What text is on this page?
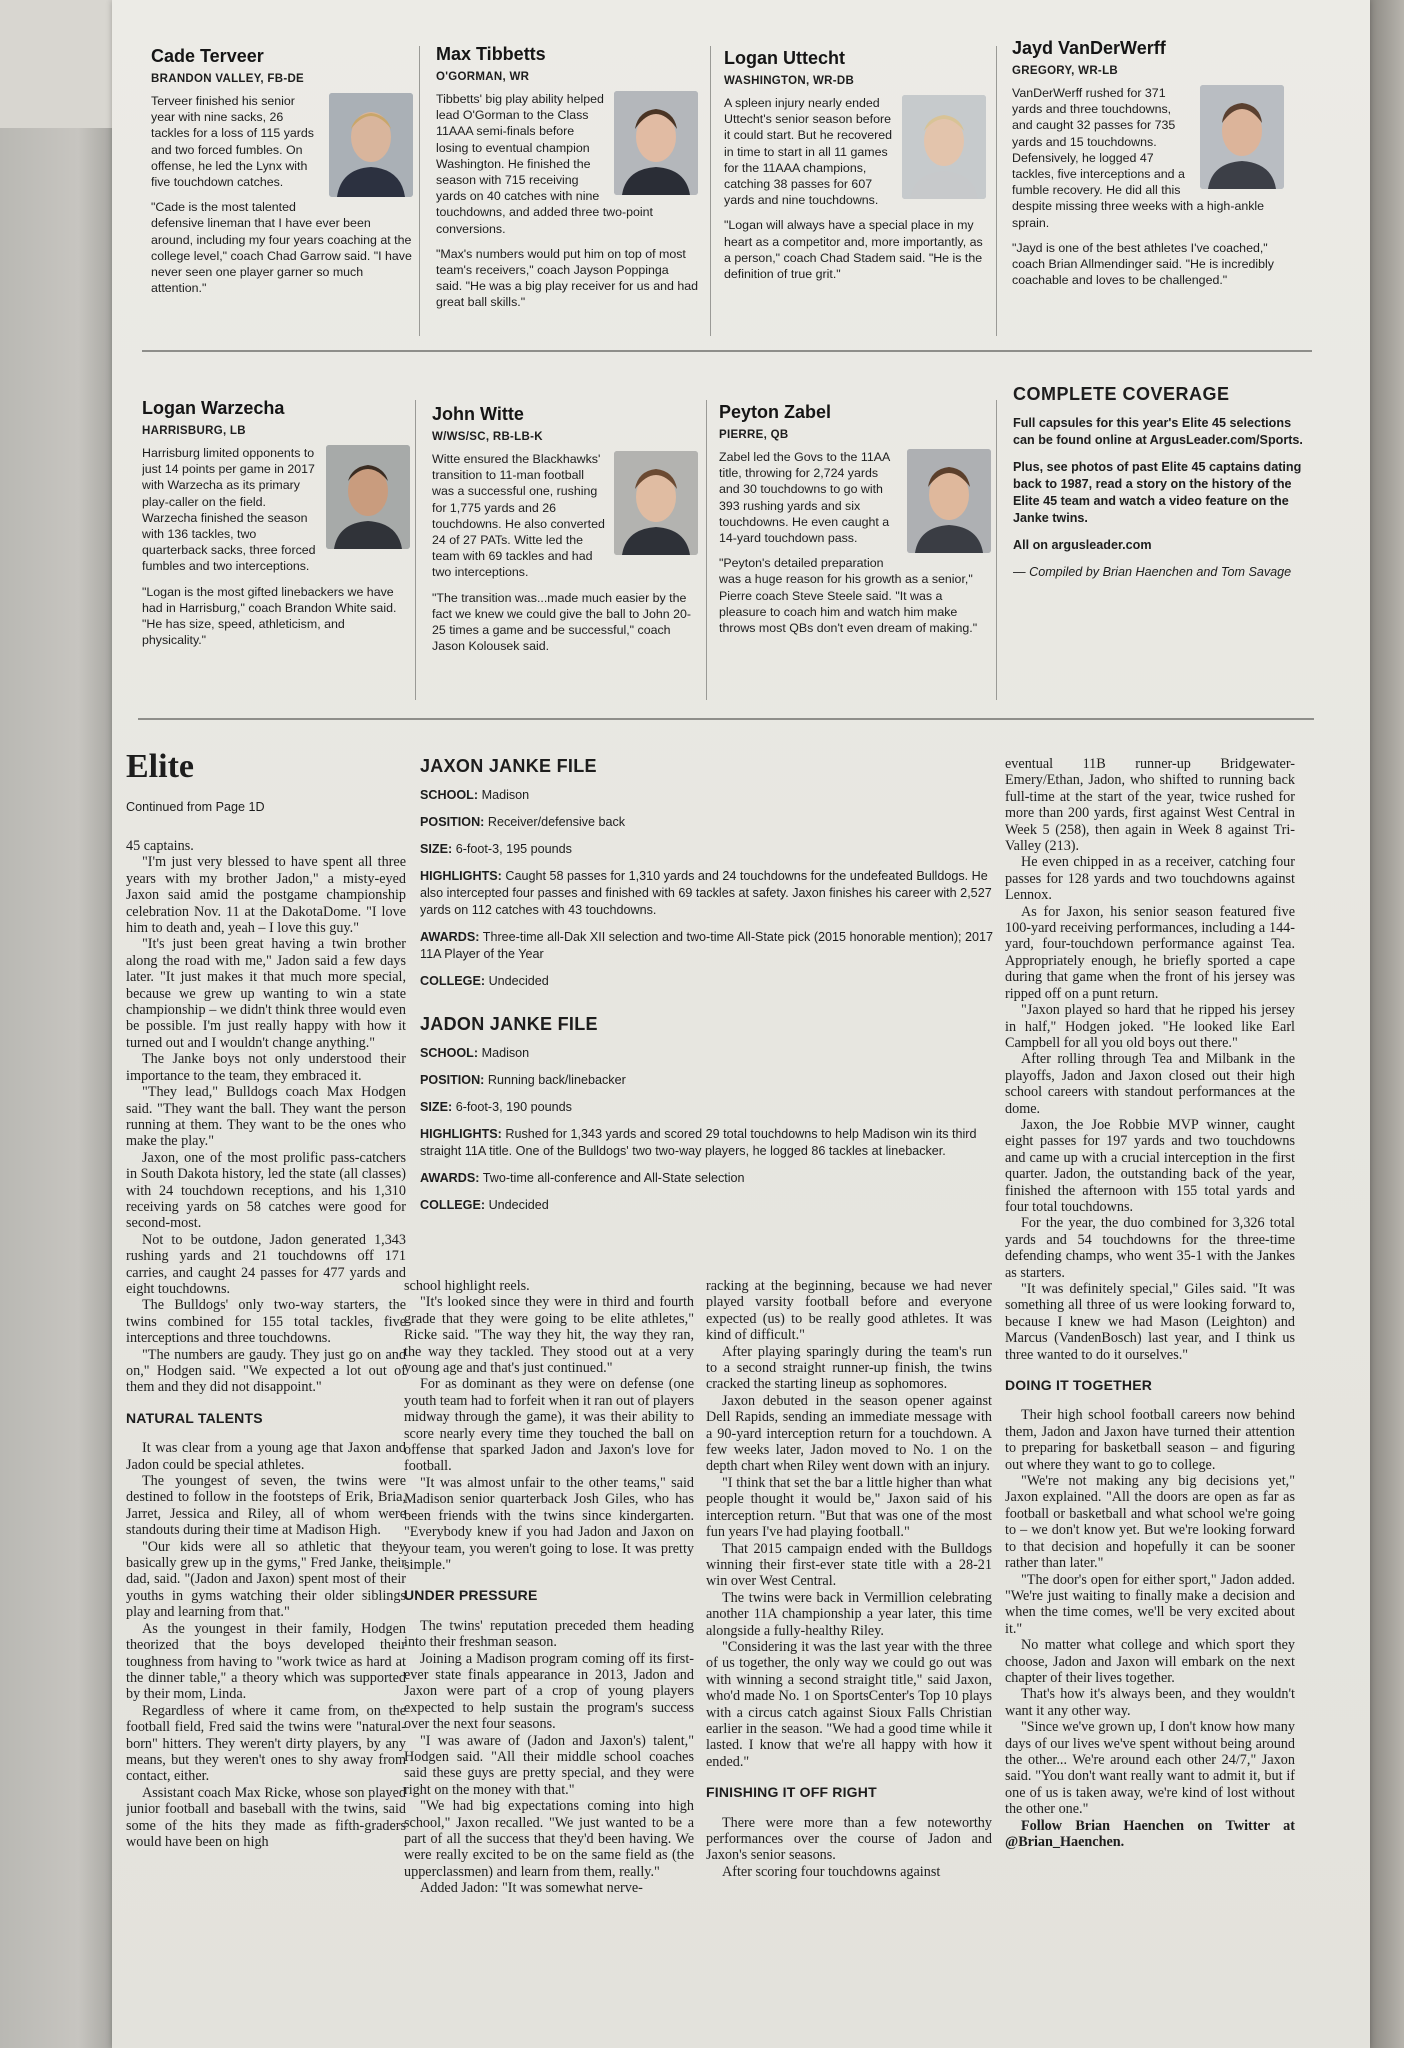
Cade Terveer
BRANDON VALLEY, FB-DE

Terveer finished his senior year with nine sacks, 26 tackles for a loss of 115 yards and two forced fumbles. On offense, he led the Lynx with five touchdown catches.

"Cade is the most talented defensive lineman that I have ever been around, including my four years coaching at the college level," coach Chad Garrow said. "I have never seen one player garner so much attention."

Max Tibbetts
O'GORMAN, WR

Tibbetts' big play ability helped lead O'Gorman to the Class 11AAA semi-finals before losing to eventual champion Washington. He finished the season with 715 receiving yards on 40 catches with nine touchdowns, and added three two-point conversions.

"Max's numbers would put him on top of most team's receivers," coach Jayson Poppinga said. "He was a big play receiver for us and had great ball skills."

Logan Uttecht
WASHINGTON, WR-DB

A spleen injury nearly ended Uttecht's senior season before it could start. But he recovered in time to start in all 11 games for the 11AAA champions, catching 38 passes for 607 yards and nine touchdowns.

"Logan will always have a special place in my heart as a competitor and, more importantly, as a person," coach Chad Stadem said. "He is the definition of true grit."

Jayd VanDerWerff
GREGORY, WR-LB

VanDerWerff rushed for 371 yards and three touchdowns, and caught 32 passes for 735 yards and 15 touchdowns. Defensively, he logged 47 tackles, five interceptions and a fumble recovery. He did all this despite missing three weeks with a high-ankle sprain.

"Jayd is one of the best athletes I've coached," coach Brian Allmendinger said. "He is incredibly coachable and loves to be challenged."

Logan Warzecha
HARRISBURG, LB

Harrisburg limited opponents to just 14 points per game in 2017 with Warzecha as its primary play-caller on the field. Warzecha finished the season with 136 tackles, two quarterback sacks, three forced fumbles and two interceptions.

"Logan is the most gifted linebackers we have had in Harrisburg," coach Brandon White said. "He has size, speed, athleticism, and physicality."

John Witte
W/WS/SC, RB-LB-K

Witte ensured the Blackhawks' transition to 11-man football was a successful one, rushing for 1,775 yards and 26 touchdowns. He also converted 24 of 27 PATs. Witte led the team with 69 tackles and had two interceptions.

"The transition was...made much easier by the fact we knew we could give the ball to John 20-25 times a game and be successful," coach Jason Kolousek said.

Peyton Zabel
PIERRE, QB

Zabel led the Govs to the 11AA title, throwing for 2,724 yards and 30 touchdowns to go with 393 rushing yards and six touchdowns. He even caught a 14-yard touchdown pass.

"Peyton's detailed preparation was a huge reason for his growth as a senior," Pierre coach Steve Steele said. "It was a pleasure to coach him and watch him make throws most QBs don't even dream of making."

COMPLETE COVERAGE

Full capsules for this year's Elite 45 selections can be found online at ArgusLeader.com/Sports.

Plus, see photos of past Elite 45 captains dating back to 1987, read a story on the history of the Elite 45 team and watch a video feature on the Janke twins.

All on argusleader.com

— Compiled by Brian Haenchen and Tom Savage

Elite
Continued from Page 1D

45 captains.

"I'm just very blessed to have spent all three years with my brother Jadon," a misty-eyed Jaxon said amid the postgame championship celebration Nov. 11 at the DakotaDome. "I love him to death and, yeah – I love this guy."

"It's just been great having a twin brother along the road with me," Jadon said a few days later. "It just makes it that much more special, because we grew up wanting to win a state championship – we didn't think three would even be possible. I'm just really happy with how it turned out and I wouldn't change anything."

The Janke boys not only understood their importance to the team, they embraced it.

"They lead," Bulldogs coach Max Hodgen said. "They want the ball. They want the person running at them. They want to be the ones who make the play."

Jaxon, one of the most prolific pass-catchers in South Dakota history, led the state (all classes) with 24 touchdown receptions, and his 1,310 receiving yards on 58 catches were good for second-most.

Not to be outdone, Jadon generated 1,343 rushing yards and 21 touchdowns off 171 carries, and caught 24 passes for 477 yards and eight touchdowns.

The Bulldogs' only two-way starters, the twins combined for 155 total tackles, five interceptions and three touchdowns.

"The numbers are gaudy. They just go on and on," Hodgen said. "We expected a lot out of them and they did not disappoint."

NATURAL TALENTS

It was clear from a young age that Jaxon and Jadon could be special athletes.

The youngest of seven, the twins were destined to follow in the footsteps of Erik, Bria, Jarret, Jessica and Riley, all of whom were standouts during their time at Madison High.

"Our kids were all so athletic that they basically grew up in the gyms," Fred Janke, their dad, said. "(Jadon and Jaxon) spent most of their youths in gyms watching their older siblings play and learning from that."

As the youngest in their family, Hodgen theorized that the boys developed their toughness from having to "work twice as hard at the dinner table," a theory which was supported by their mom, Linda.

Regardless of where it came from, on the football field, Fred said the twins were "natural-born" hitters. They weren't dirty players, by any means, but they weren't ones to shy away from contact, either.

Assistant coach Max Ricke, whose son played junior football and baseball with the twins, said some of the hits they made as fifth-graders would have been on high

JAXON JANKE FILE
SCHOOL: Madison
POSITION: Receiver/defensive back
SIZE: 6-foot-3, 195 pounds
HIGHLIGHTS: Caught 58 passes for 1,310 yards and 24 touchdowns for the undefeated Bulldogs. He also intercepted four passes and finished with 69 tackles at safety. Jaxon finishes his career with 2,527 yards on 112 catches with 43 touchdowns.
AWARDS: Three-time all-Dak XII selection and two-time All-State pick (2015 honorable mention); 2017 11A Player of the Year
COLLEGE: Undecided
JADON JANKE FILE
SCHOOL: Madison
POSITION: Running back/linebacker
SIZE: 6-foot-3, 190 pounds
HIGHLIGHTS: Rushed for 1,343 yards and scored 29 total touchdowns to help Madison win its third straight 11A title. One of the Bulldogs' two two-way players, he logged 86 tackles at linebacker.
AWARDS: Two-time all-conference and All-State selection
COLLEGE: Undecided

school highlight reels.

"It's looked since they were in third and fourth grade that they were going to be elite athletes," Ricke said. "The way they hit, the way they ran, the way they tackled. They stood out at a very young age and that's just continued."

For as dominant as they were on defense (one youth team had to forfeit when it ran out of players midway through the game), it was their ability to score nearly every time they touched the ball on offense that sparked Jadon and Jaxon's love for football.

"It was almost unfair to the other teams," said Madison senior quarterback Josh Giles, who has been friends with the twins since kindergarten. "Everybody knew if you had Jadon and Jaxon on your team, you weren't going to lose. It was pretty simple."

UNDER PRESSURE

The twins' reputation preceded them heading into their freshman season.

Joining a Madison program coming off its first-ever state finals appearance in 2013, Jadon and Jaxon were part of a crop of young players expected to help sustain the program's success over the next four seasons.

"I was aware of (Jadon and Jaxon's) talent," Hodgen said. "All their middle school coaches said these guys are pretty special, and they were right on the money with that."

"We had big expectations coming into high school," Jaxon recalled. "We just wanted to be a part of all the success that they'd been having. We were really excited to be on the same field as (the upperclassmen) and learn from them, really."

Added Jadon: "It was somewhat nerve-

racking at the beginning, because we had never played varsity football before and everyone expected (us) to be really good athletes. It was kind of difficult."

After playing sparingly during the team's run to a second straight runner-up finish, the twins cracked the starting lineup as sophomores.

Jaxon debuted in the season opener against Dell Rapids, sending an immediate message with a 90-yard interception return for a touchdown. A few weeks later, Jadon moved to No. 1 on the depth chart when Riley went down with an injury.

"I think that set the bar a little higher than what people thought it would be," Jaxon said of his interception return. "But that was one of the most fun years I've had playing football."

That 2015 campaign ended with the Bulldogs winning their first-ever state title with a 28-21 win over West Central.

The twins were back in Vermillion celebrating another 11A championship a year later, this time alongside a fully-healthy Riley.

"Considering it was the last year with the three of us together, the only way we could go out was with winning a second straight title," said Jaxon, who'd made No. 1 on SportsCenter's Top 10 plays with a circus catch against Sioux Falls Christian earlier in the season. "We had a good time while it lasted. I know that we're all happy with how it ended."

FINISHING IT OFF RIGHT

There were more than a few noteworthy performances over the course of Jadon and Jaxon's senior seasons.

After scoring four touchdowns against

eventual 11B runner-up Bridgewater-Emery/Ethan, Jadon, who shifted to running back full-time at the start of the year, twice rushed for more than 200 yards, first against West Central in Week 5 (258), then again in Week 8 against Tri-Valley (213).

He even chipped in as a receiver, catching four passes for 128 yards and two touchdowns against Lennox.

As for Jaxon, his senior season featured five 100-yard receiving performances, including a 144-yard, four-touchdown performance against Tea. Appropriately enough, he briefly sported a cape during that game when the front of his jersey was ripped off on a punt return.

"Jaxon played so hard that he ripped his jersey in half," Hodgen joked. "He looked like Earl Campbell for all you old boys out there."

After rolling through Tea and Milbank in the playoffs, Jadon and Jaxon closed out their high school careers with standout performances at the dome.

Jaxon, the Joe Robbie MVP winner, caught eight passes for 197 yards and two touchdowns and came up with a crucial interception in the first quarter. Jadon, the outstanding back of the year, finished the afternoon with 155 total yards and four total touchdowns.

For the year, the duo combined for 3,326 total yards and 54 touchdowns for the three-time defending champs, who went 35-1 with the Jankes as starters.

"It was definitely special," Giles said. "It was something all three of us were looking forward to, because I knew we had Mason (Leighton) and Marcus (VandenBosch) last year, and I think us three wanted to do it ourselves."

DOING IT TOGETHER

Their high school football careers now behind them, Jadon and Jaxon have turned their attention to preparing for basketball season – and figuring out where they want to go to college.

"We're not making any big decisions yet," Jaxon explained. "All the doors are open as far as football or basketball and what school we're going to – we don't know yet. But we're looking forward to that decision and hopefully it can be sooner rather than later."

"The door's open for either sport," Jadon added. "We're just waiting to finally make a decision and when the time comes, we'll be very excited about it."

No matter what college and which sport they choose, Jadon and Jaxon will embark on the next chapter of their lives together.

That's how it's always been, and they wouldn't want it any other way.

"Since we've grown up, I don't know how many days of our lives we've spent without being around the other... We're around each other 24/7," Jaxon said. "You don't want really want to admit it, but if one of us is taken away, we're kind of lost without the other one."

Follow Brian Haenchen on Twitter at @Brian_Haenchen.
